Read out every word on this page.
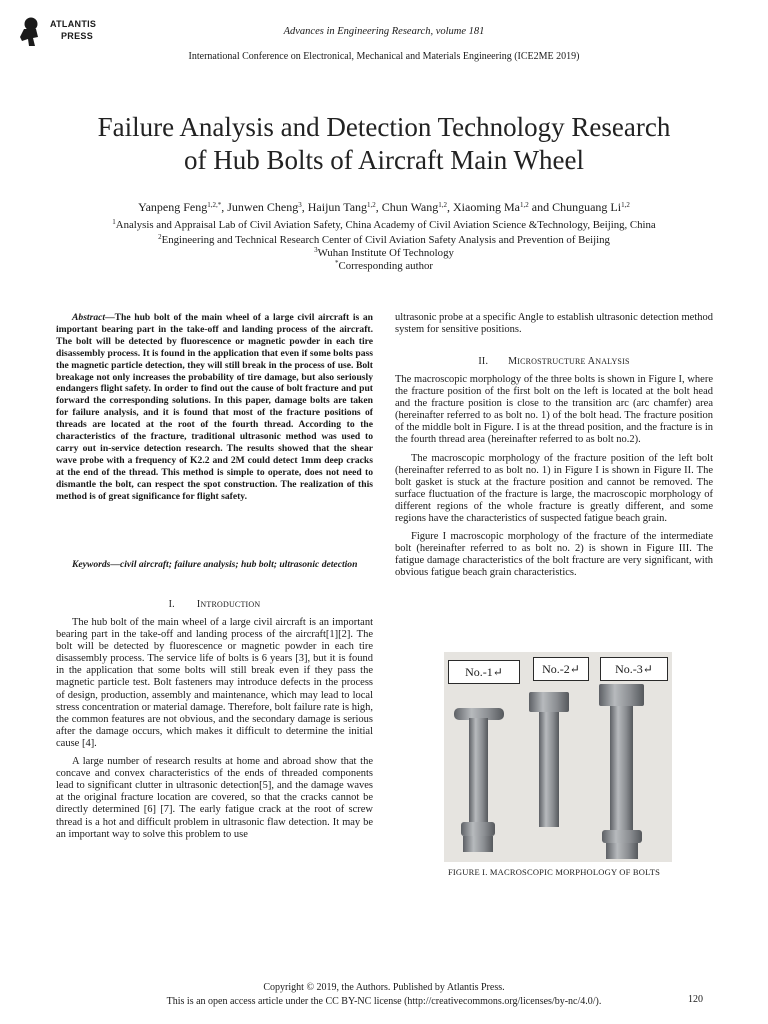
ATLANTIS
PRESS	Advances in Engineering Research, volume 181
International Conference on Electronical, Mechanical and Materials Engineering (ICE2ME 2019)
Failure Analysis and Detection Technology Research
of Hub Bolts of Aircraft Main Wheel
Yanpeng Feng$^{1,2,*}$, Junwen Cheng$^3$, Haijun Tang$^{1,2}$, Chun Wang$^{1,2}$, Xiaoming Ma$^{1,2}$ and Chunguang Li$^{1,2}$
$^1$Analysis and Appraisal Lab of Civil Aviation Safety, China Academy of Civil Aviation Science &Technology, Beijing, China
$^2$Engineering and Technical Research Center of Civil Aviation Safety Analysis and Prevention of Beijing
$^3$Wuhan Institute Of Technology
*Corresponding author
Abstract—The hub bolt of the main wheel of a large civil aircraft is an important bearing part in the take-off and landing process of the aircraft. The bolt will be detected by fluorescence or magnetic powder in each tire disassembly process. It is found in the application that even if some bolts pass the magnetic particle detection, they will still break in the process of use. Bolt breakage not only increases the probability of tire damage, but also seriously endangers flight safety. In order to find out the cause of bolt fracture and put forward the corresponding solutions. In this paper, damage bolts are taken for failure analysis, and it is found that most of the fracture positions of threads are located at the root of the fourth thread. According to the characteristics of the fracture, traditional ultrasonic method was used to carry out in-service detection research. The results showed that the shear wave probe with a frequency of K2.2 and 2M could detect 1mm deep cracks at the end of the thread. This method is simple to operate, does not need to dismantle the bolt, can respect the spot construction. The realization of this method is of great significance for flight safety.
Keywords—civil aircraft; failure analysis; hub bolt; ultrasonic detection
I. INTRODUCTION

The hub bolt of the main wheel of a large civil aircraft is an important bearing part in the take-off and landing process of the aircraft[1][2]. The bolt will be detected by fluorescence or magnetic powder in each tire disassembly process. The service life of bolts is 6 years [3], but it is found in the application that some bolts will still break even if they pass the magnetic particle test. Bolt fasteners may introduce defects in the process of design, production, assembly and maintenance, which may lead to local stress concentration or material damage. Therefore, bolt failure rate is high, the common features are not obvious, and the secondary damage is serious after the damage occurs, which makes it difficult to determine the initial cause [4].

A large number of research results at home and abroad show that the concave and convex characteristics of the ends of threaded components lead to significant clutter in ultrasonic detection[5], and the damage waves at the original fracture location are covered, so that the cracks cannot be directly determined [6] [7]. The early fatigue crack at the root of screw thread is a hot and difficult problem in ultrasonic flaw detection. It may be an important way to solve this problem to use

ultrasonic probe at a specific Angle to establish ultrasonic detection method system for sensitive positions.

II. MICROSTRUCTURE ANALYSIS

The macroscopic morphology of the three bolts is shown in Figure I, where the fracture position of the first bolt on the left is located at the bolt head and the fracture position is close to the transition arc (arc chamfer) area (hereinafter referred to as bolt no. 1) of the bolt head. The fracture position of the middle bolt in Figure. I is at the thread position, and the fracture is in the fourth thread area (hereinafter referred to as bolt no.2).

The macroscopic morphology of the fracture position of the left bolt (hereinafter referred to as bolt no. 1) in Figure I is shown in Figure II. The bolt gasket is stuck at the fracture position and cannot be removed. The surface fluctuation of the fracture is large, the macroscopic morphology of different regions of the whole fracture is greatly different, and some regions have the characteristics of suspected fatigue beach grain.

Figure I macroscopic morphology of the fracture of the intermediate bolt (hereinafter referred to as bolt no. 2) is shown in Figure III. The fatigue damage characteristics of the bolt fracture are very significant, with obvious fatigue beach grain characteristics.

No.-1↵	No.-2↵	No.-3↵
FIGURE I. MACROSCOPIC MORPHOLOGY OF BOLTS
Copyright © 2019, the Authors. Published by Atlantis Press.
This is an open access article under the CC BY-NC license (http://creativecommons.org/licenses/by-nc/4.0/).	120
